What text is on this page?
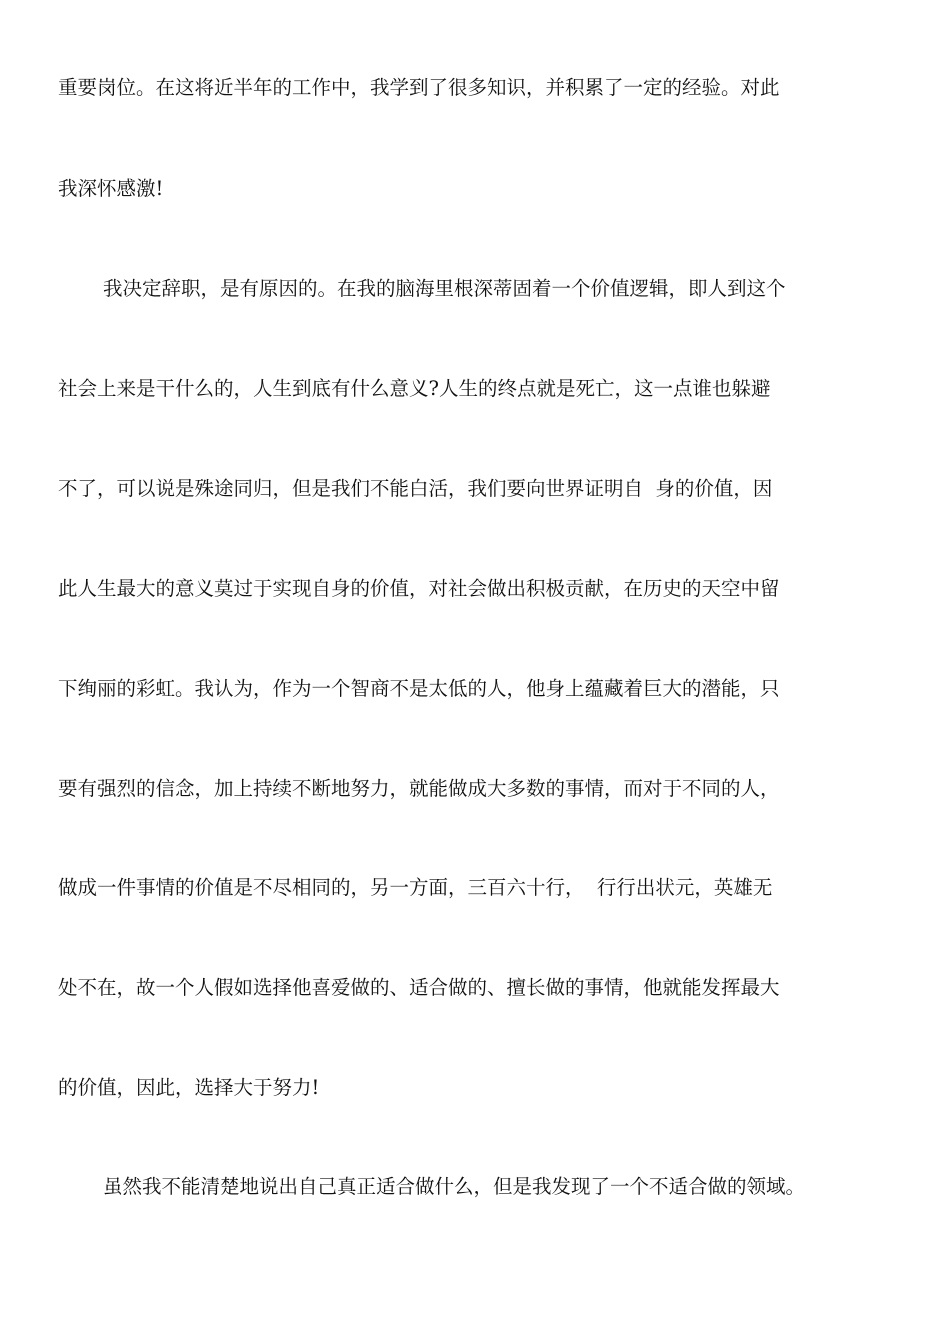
重要岗位。在这将近半年的工作中，我学到了很多知识，并积累了一定的经验。对此
我深怀感激!
我决定辞职，是有原因的。在我的脑海里根深蒂固着一个价值逻辑，即人到这个
社会上来是干什么的，人生到底有什么意义?人生的终点就是死亡，这一点谁也躲避
不了，可以说是殊途同归，但是我们不能白活，我们要向世界证明自  身的价值，因
此人生最大的意义莫过于实现自身的价值，对社会做出积极贡献，在历史的天空中留
下绚丽的彩虹。我认为，作为一个智商不是太低的人，他身上蕴藏着巨大的潜能，只
要有强烈的信念，加上持续不断地努力，就能做成大多数的事情，而对于不同的人，
做成一件事情的价值是不尽相同的，另一方面，三百六十行，  行行出状元，英雄无
处不在，故一个人假如选择他喜爱做的、适合做的、擅长做的事情，他就能发挥最大
的价值，因此，选择大于努力!
虽然我不能清楚地说出自己真正适合做什么，但是我发现了一个不适合做的领域。
